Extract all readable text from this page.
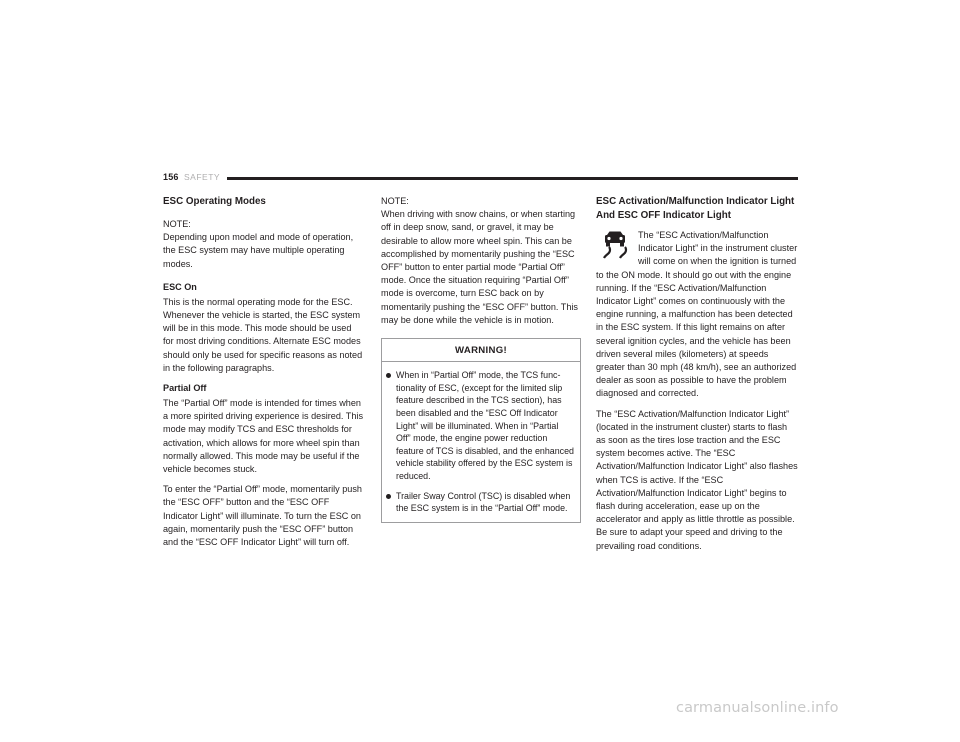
156 SAFETY
ESC Operating Modes
NOTE:

Depending upon model and mode of operation, the ESC system may have multiple operating modes.

ESC On

This is the normal operating mode for the ESC. Whenever the vehicle is started, the ESC system will be in this mode. This mode should be used for most driving conditions. Alternate ESC modes should only be used for specific reasons as noted in the following paragraphs.

Partial Off

The “Partial Off” mode is intended for times when a more spirited driving experience is desired. This mode may modify TCS and ESC thresholds for activation, which allows for more wheel spin than normally allowed. This mode may be useful if the vehicle becomes stuck.

To enter the “Partial Off” mode, momentarily push the “ESC OFF” button and the “ESC OFF Indicator Light” will illuminate. To turn the ESC on again, momentarily push the “ESC OFF” button and the “ESC OFF Indicator Light” will turn off.

NOTE:

When driving with snow chains, or when starting off in deep snow, sand, or gravel, it may be desirable to allow more wheel spin. This can be accomplished by momentarily pushing the “ESC OFF” button to enter partial mode “Partial Off” mode. Once the situation requiring “Partial Off” mode is overcome, turn ESC back on by momentarily pushing the “ESC OFF” button. This may be done while the vehicle is in motion.

WARNING!
When in “Partial Off” mode, the TCS func-tionality of ESC, (except for the limited slip feature described in the TCS section), has been disabled and the “ESC Off Indicator Light” will be illuminated. When in “Partial Off” mode, the engine power reduction feature of TCS is disabled, and the enhanced vehicle stability offered by the ESC system is reduced.
Trailer Sway Control (TSC) is disabled when the ESC system is in the “Partial Off” mode.
ESC Activation/Malfunction Indicator Light And ESC OFF Indicator Light

The “ESC Activation/Malfunction Indicator Light” in the instrument cluster will come on when the ignition is turned to the ON mode. It should go out with the engine running. If the “ESC Activation/Malfunction Indicator Light” comes on continuously with the engine running, a malfunction has been detected in the ESC system. If this light remains on after several ignition cycles, and the vehicle has been driven several miles (kilometers) at speeds greater than 30 mph (48 km/h), see an authorized dealer as soon as possible to have the problem diagnosed and corrected.

The “ESC Activation/Malfunction Indicator Light” (located in the instrument cluster) starts to flash as soon as the tires lose traction and the ESC system becomes active. The “ESC Activation/Malfunction Indicator Light” also flashes when TCS is active. If the “ESC Activation/Malfunction Indicator Light” begins to flash during acceleration, ease up on the accelerator and apply as little throttle as possible. Be sure to adapt your speed and driving to the prevailing road conditions.

carmanualsonline.info
